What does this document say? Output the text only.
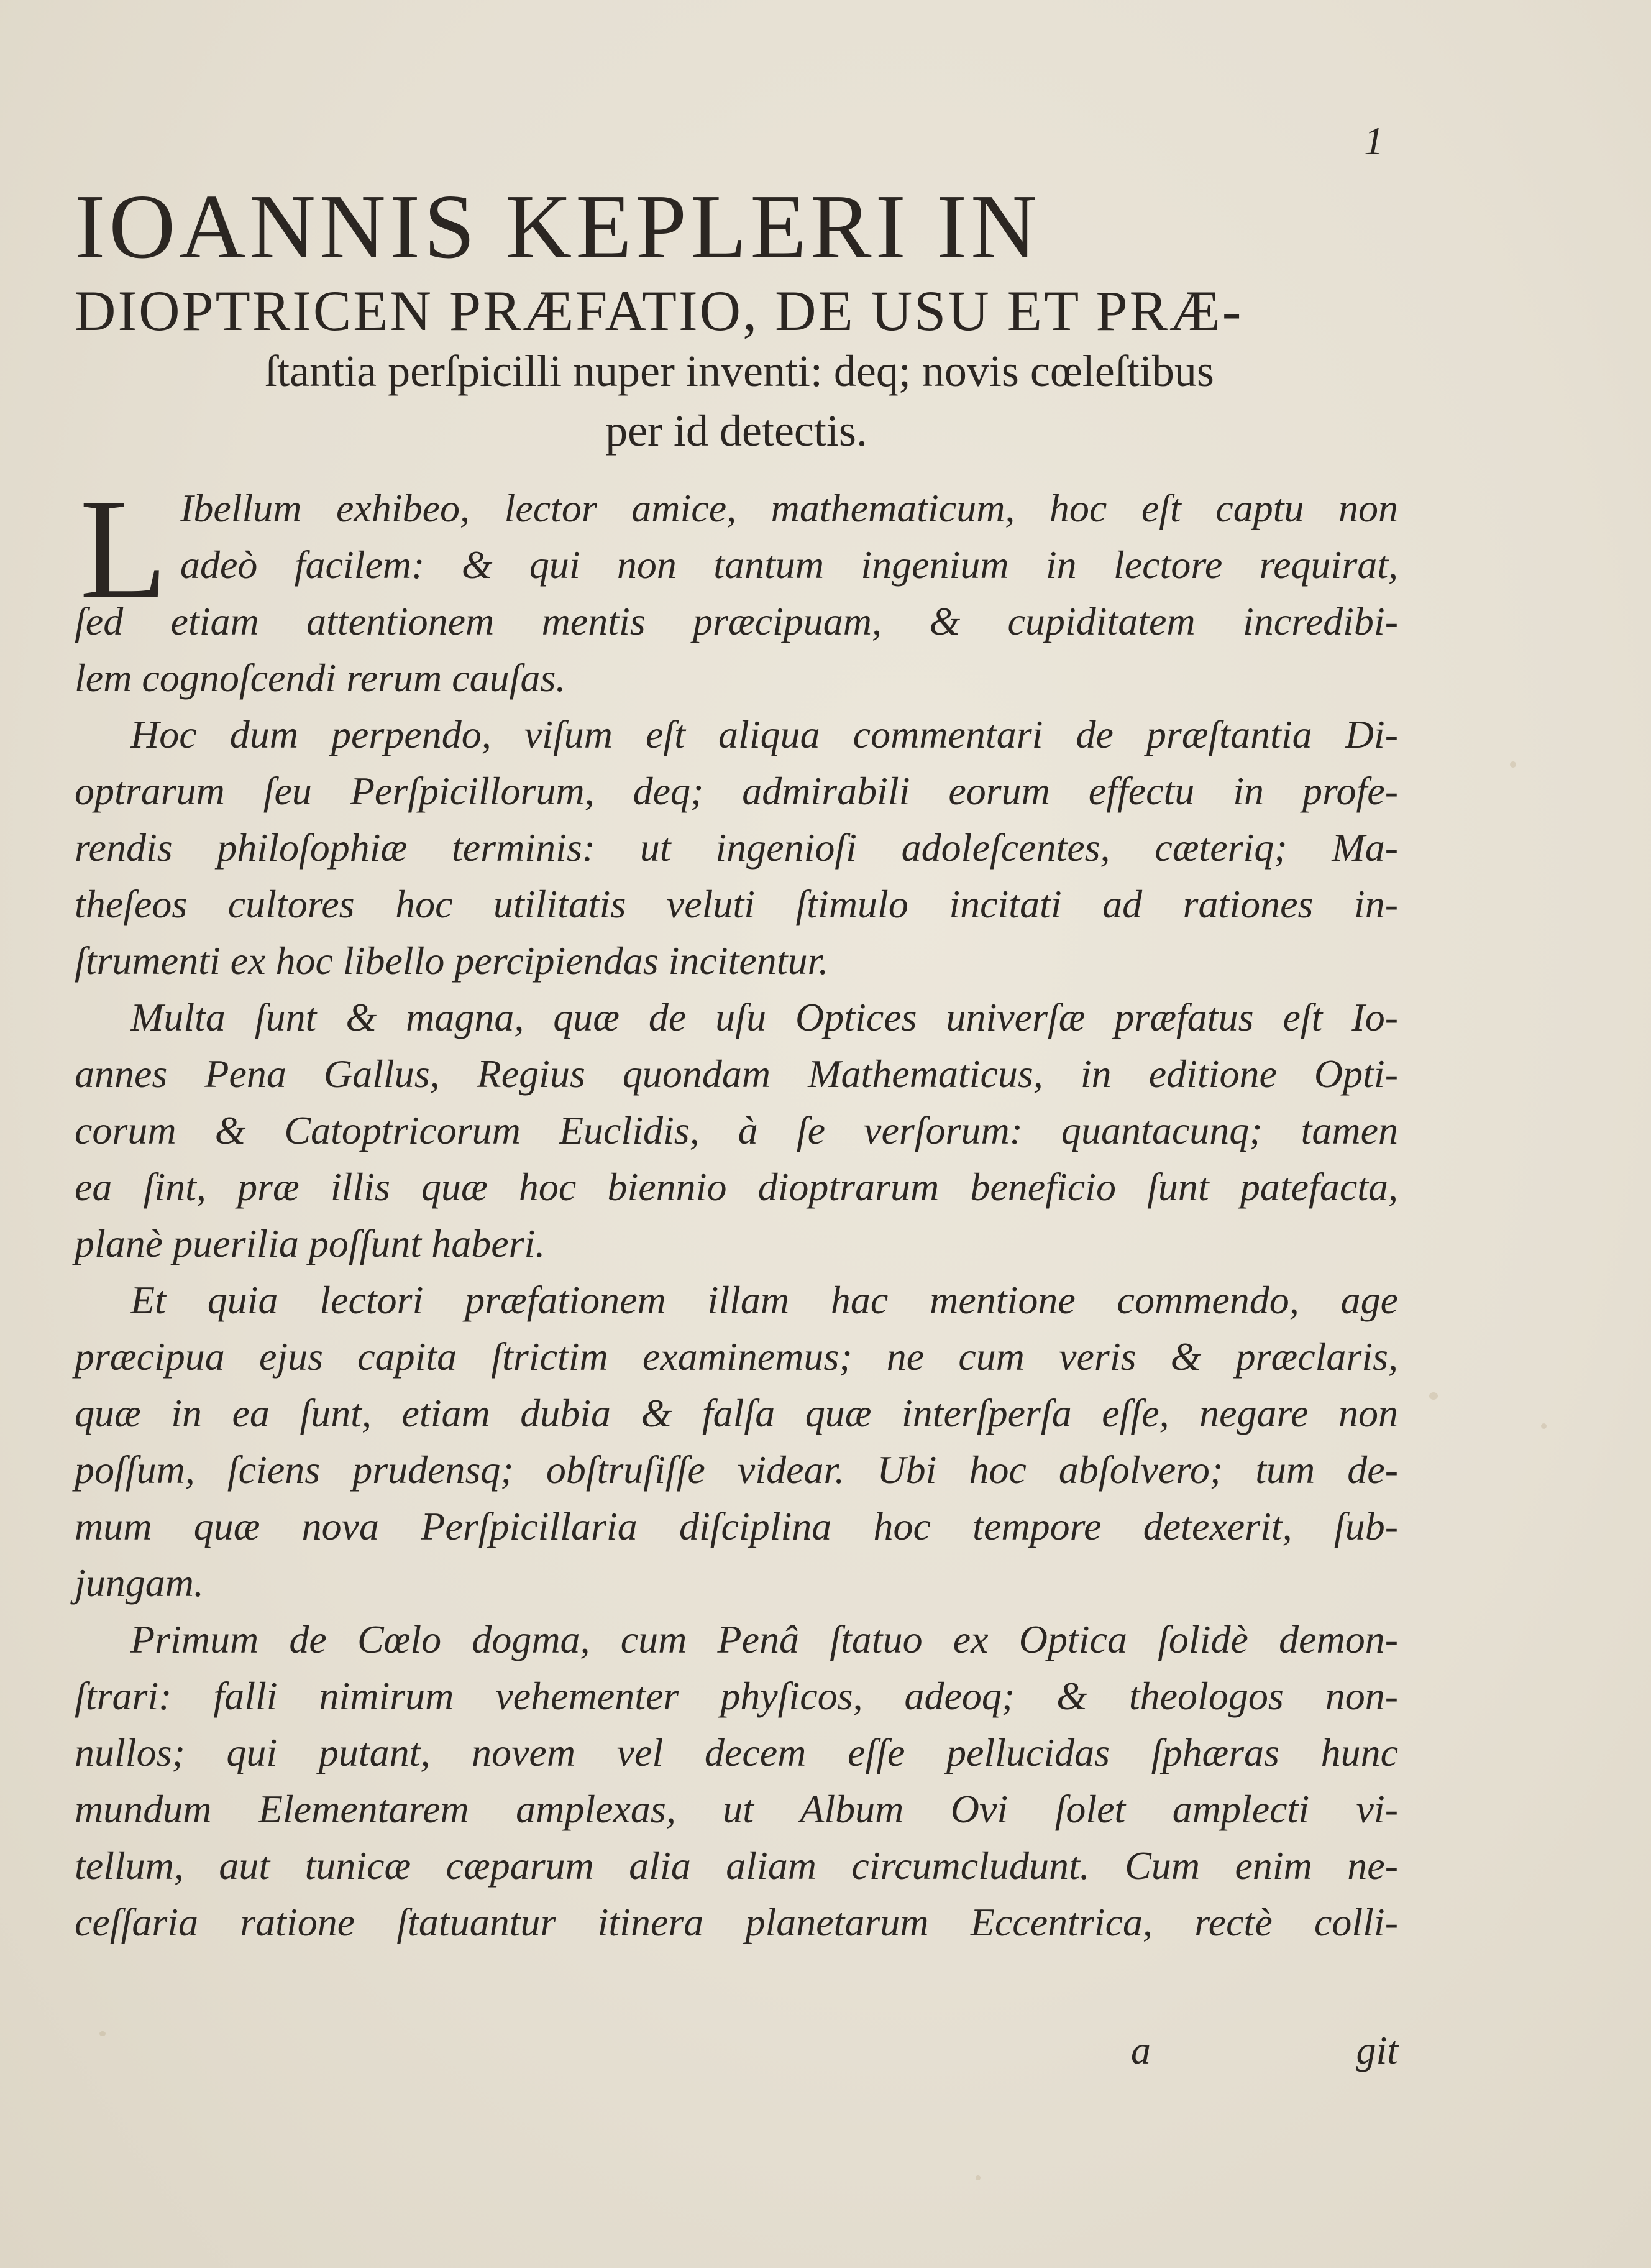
1
IOANNIS KEPLERI IN
DIOPTRICEN PRÆFATIO, DE USU ET PRÆ-
ſtantia perſpicilli nuper inventi: deq; novis cœleſtibus
per id detectis.
L Ibellum exhibeo, lector amice, mathematicum, hoc eſt captu non
adeò facilem: & qui non tantum ingenium in lectore requirat,
ſed etiam attentionem mentis præcipuam, & cupiditatem incredibi-
lem cognoſcendi rerum cauſas.
Hoc dum perpendo, viſum eſt aliqua commentari de præſtantia Di-
optrarum ſeu Perſpicillorum, deq; admirabili eorum effectu in profe-
rendis philoſophiæ terminis: ut ingenioſi adoleſcentes, cæteriq; Ma-
theſeos cultores hoc utilitatis veluti ſtimulo incitati ad rationes in-
ſtrumenti ex hoc libello percipiendas incitentur.
Multa ſunt & magna, quæ de uſu Optices univerſæ præfatus eſt Io-
annes Pena Gallus, Regius quondam Mathematicus, in editione Opti-
corum & Catoptricorum Euclidis, à ſe verſorum: quantacunq; tamen
ea ſint, præ illis quæ hoc biennio dioptrarum beneficio ſunt patefacta,
planè puerilia poſſunt haberi.
Et quia lectori præfationem illam hac mentione commendo, age
præcipua ejus capita ſtrictim examinemus; ne cum veris & præclaris,
quæ in ea ſunt, etiam dubia & falſa quæ interſperſa eſſe, negare non
poſſum, ſciens prudensq; obſtruſiſſe videar. Ubi hoc abſolvero; tum de-
mum quæ nova Perſpicillaria diſciplina hoc tempore detexerit, ſub-
jungam.
Primum de Cœlo dogma, cum Penâ ſtatuo ex Optica ſolidè demon-
ſtrari: falli nimirum vehementer phyſicos, adeoq; & theologos non-
nullos; qui putant, novem vel decem eſſe pellucidas ſphæras hunc
mundum Elementarem amplexas, ut Album Ovi ſolet amplecti vi-
tellum, aut tunicæ cæparum alia aliam circumcludunt. Cum enim ne-
ceſſaria ratione ſtatuantur itinera planetarum Eccentrica, rectè colli-
a	git
